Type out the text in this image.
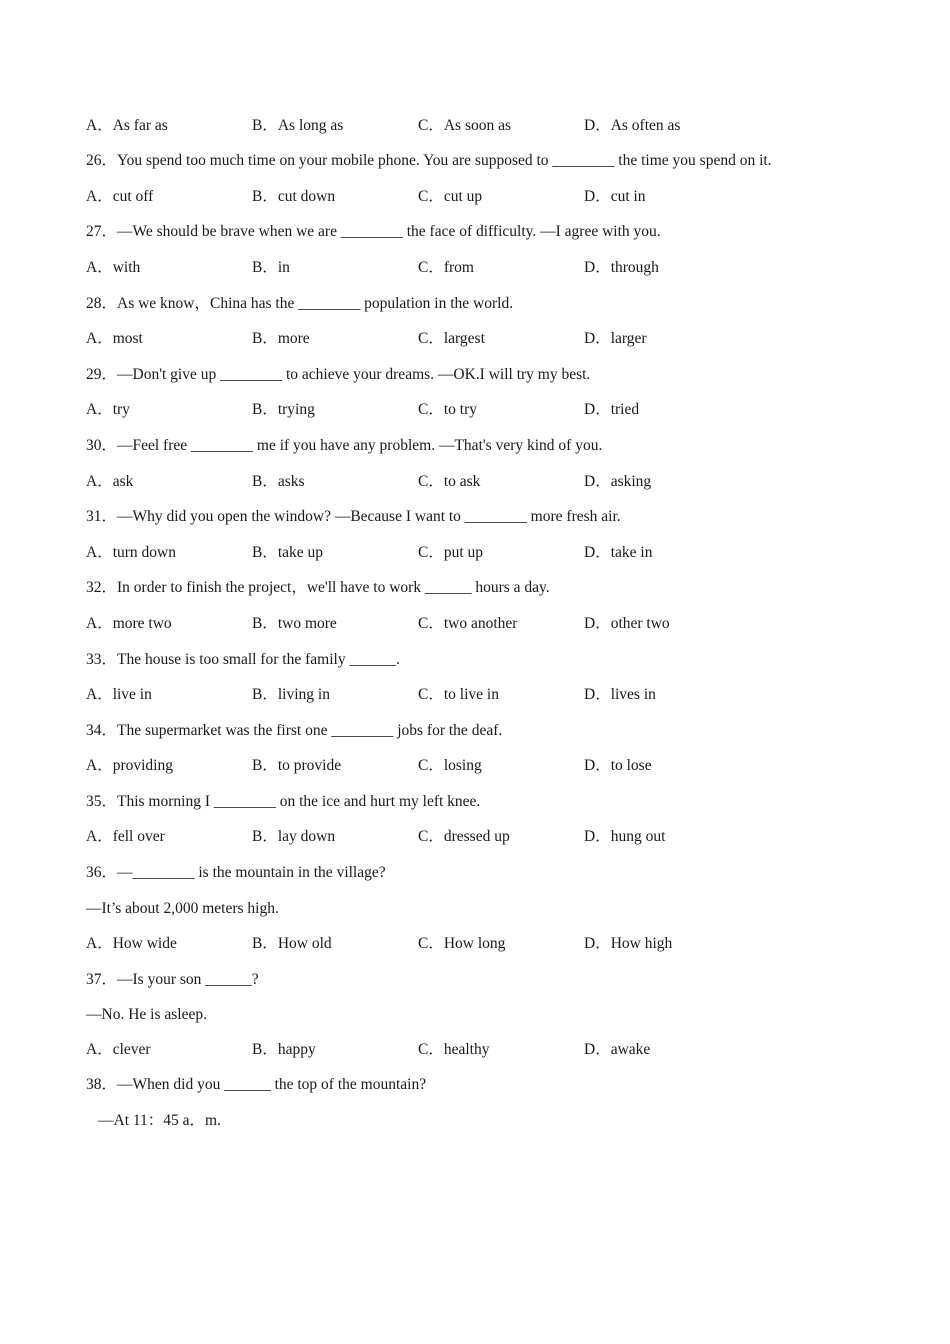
A．As far as	B．As long as	C．As soon as	D．As often as
26．You spend too much time on your mobile phone. You are supposed to ________ the time you spend on it.
A．cut off	B．cut down	C．cut up	D．cut in
27．—We should be brave when we are ________ the face of difficulty. —I agree with you.
A．with	B．in	C．from	D．through
28．As we know，China has the ________ population in the world.
A．most	B．more	C．largest	D．larger
29．—Don't give up ________ to achieve your dreams. —OK.I will try my best.
A．try	B．trying	C．to try	D．tried
30．—Feel free ________ me if you have any problem. —That's very kind of you.
A．ask	B．asks	C．to ask	D．asking
31．—Why did you open the window? —Because I want to ________ more fresh air.
A．turn down	B．take up	C．put up	D．take in
32．In order to finish the project，we'll have to work ______ hours a day.
A．more two	B．two more	C．two another	D．other two
33．The house is too small for the family ______.
A．live in	B．living in	C．to live in	D．lives in
34．The supermarket was the first one ________ jobs for the deaf.
A．providing	B．to provide	C．losing	D．to lose
35．This morning I ________ on the ice and hurt my left knee.
A．fell over	B．lay down	C．dressed up	D．hung out
36．—________ is the mountain in the village?
—It’s about 2,000 meters high.
A．How wide	B．How old	C．How long	D．How high
37．—Is your son ______?
—No. He is asleep.
A．clever	B．happy	C．healthy	D．awake
38．—When did you ______ the top of the mountain?
—At 11：45 a．m.
